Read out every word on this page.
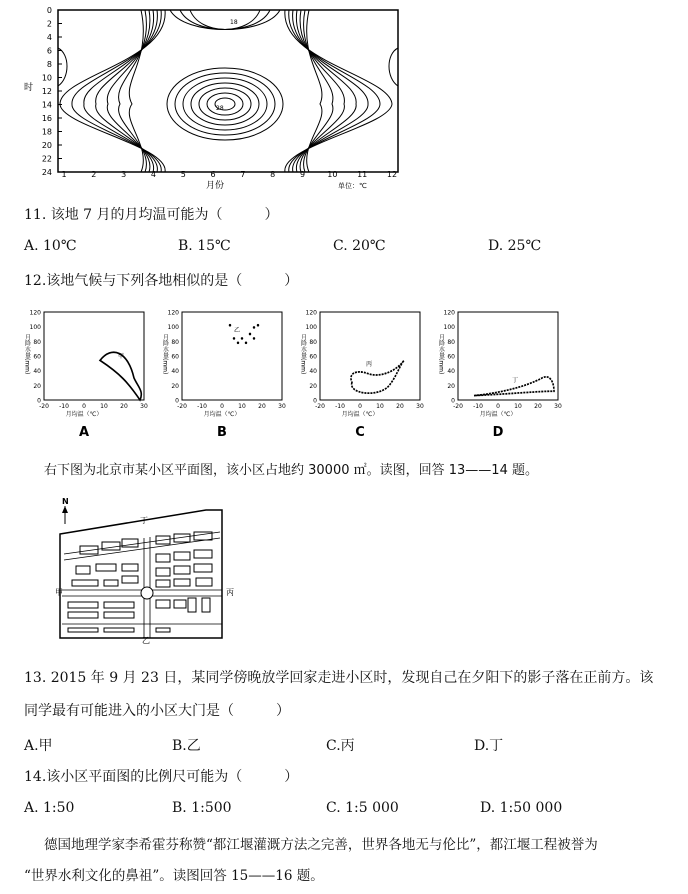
0
2
4
6
8
10
12
14
16
18
20
22
24 1	2	3	4	5	6	7	8	9	10 11 12
时
月份	单位：℃
18
28
11. 该地 7 月的月均温可能为（　　　）
A. 10℃	B. 15℃	C. 20℃	D. 25℃
12.该地气候与下列各地相似的是（　　　）
120
100
80
60
40
20
0
-20 -10 0 10 20 30
月降水量(mm)
月均温（℃）
甲
A
120
100
80
60
40
20
0
-20 -10 0 10 20 30
月降水量(mm)
月均温（℃）
乙
B
120
100
80
60
40
20
0
-20 -10 0 10 20 30
月降水量(mm)
月均温（℃）
丙
C
120
100
80
60
40
20
0
-20 -10 0 10 20 30
月降水量(mm)
月均温（℃）
丁
D
右下图为北京市某小区平面图，该小区占地约 30000 ㎡。读图，回答 13——14 题。
N
丁
甲	丙
乙
13. 2015 年 9 月 23 日，某同学傍晚放学回家走进小区时，发现自己在夕阳下的影子落在正前方。该
同学最有可能进入的小区大门是（　　　）
A.甲	B.乙	C.丙	D.丁
14.该小区平面图的比例尺可能为（　　　）
A. 1:50	B. 1:500	C. 1:5 000	D. 1:50 000
德国地理学家李希霍芬称赞“都江堰灌溉方法之完善，世界各地无与伦比”，都江堰工程被誉为
“世界水利文化的鼻祖”。读图回答 15——16 题。
